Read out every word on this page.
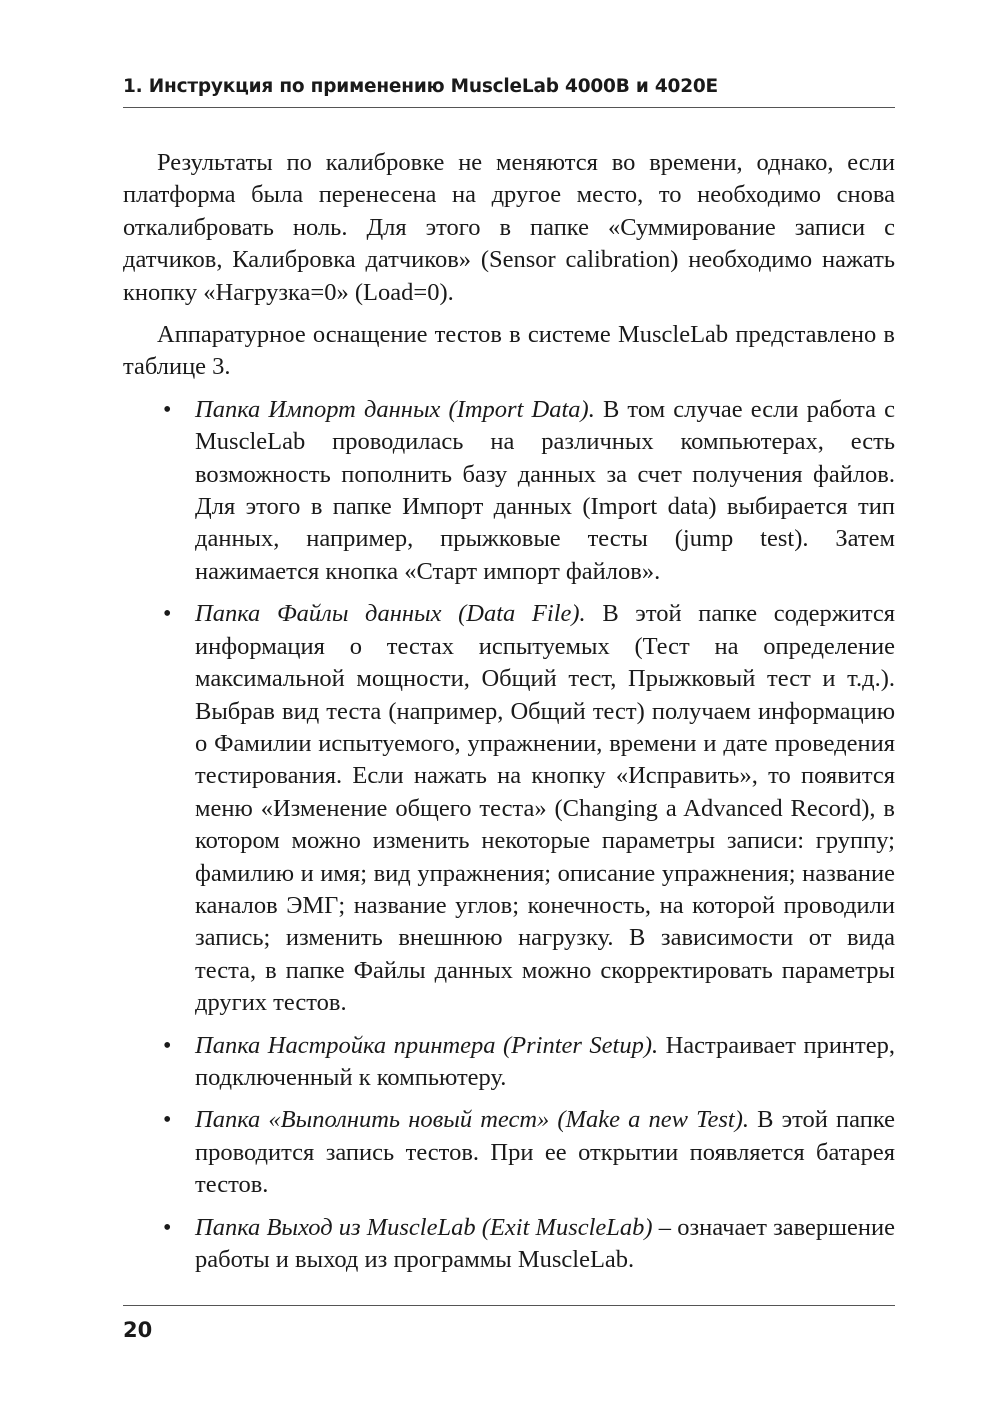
1. Инструкция по применению MuscleLab 4000B и 4020E

Результаты по калибровке не меняются во времени, однако, если платформа была перенесена на другое место, то необходимо снова откалибровать ноль. Для этого в папке «Суммирование записи с датчиков, Калибровка датчиков» (Sensor calibration) необходимо нажать кнопку «Нагрузка=0» (Load=0).

Аппаратурное оснащение тестов в системе MuscleLab представлено в таблице 3.

• Папка Импорт данных (Import Data). В том случае если работа с MuscleLab проводилась на различных компьютерах, есть возможность пополнить базу данных за счет получения файлов. Для этого в папке Импорт данных (Import data) выбирается тип данных, например, прыжковые тесты (jump test). Затем нажимается кнопка «Старт импорт файлов».
• Папка Файлы данных (Data File). В этой папке содержится информация о тестах испытуемых (Тест на определение максимальной мощности, Общий тест, Прыжковый тест и т.д.). Выбрав вид теста (например, Общий тест) получаем информацию о Фамилии испытуемого, упражнении, времени и дате проведения тестирования. Если нажать на кнопку «Исправить», то появится меню «Изменение общего теста» (Changing a Advanced Record), в котором можно изменить некоторые параметры записи: группу; фамилию и имя; вид упражнения; описание упражнения; название каналов ЭМГ; название углов; конечность, на которой проводили запись; изменить внешнюю нагрузку. В зависимости от вида теста, в папке Файлы данных можно скорректировать параметры других тестов.
• Папка Настройка принтера (Printer Setup). Настраивает принтер, подключенный к компьютеру.
• Папка «Выполнить новый тест» (Make a new Test). В этой папке проводится запись тестов. При ее открытии появляется батарея тестов.
• Папка Выход из MuscleLab (Exit MuscleLab) – означает завершение работы и выход из программы MuscleLab.
20
